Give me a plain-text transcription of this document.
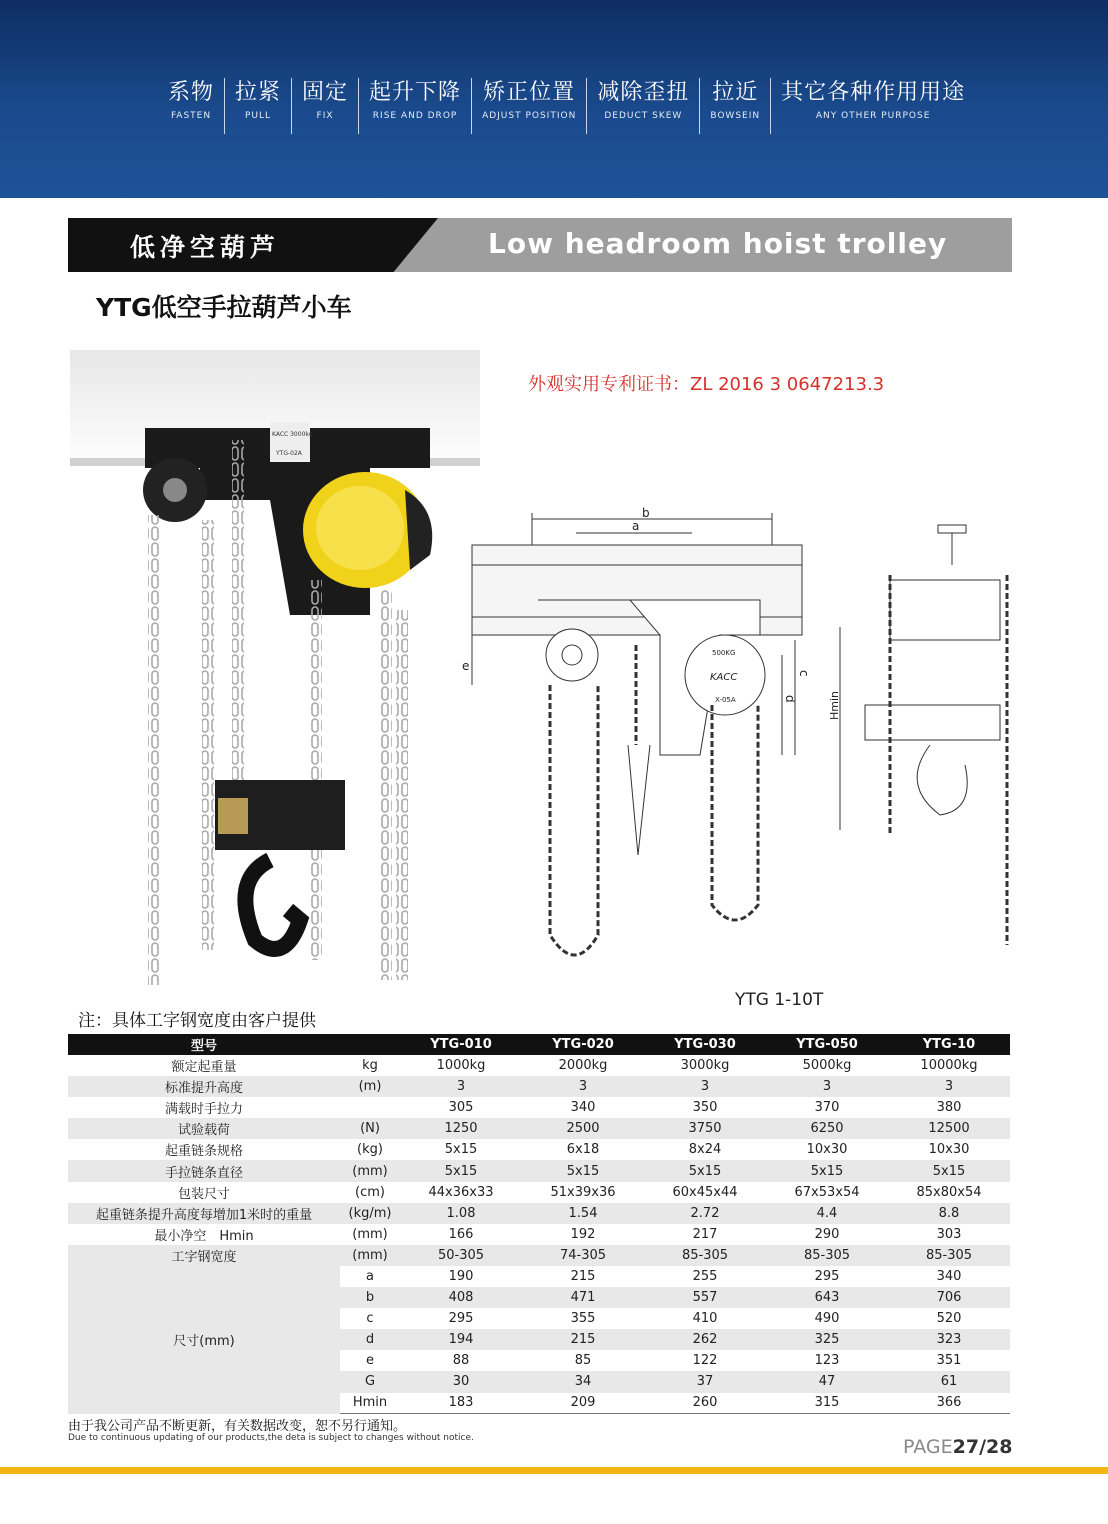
系物
FASTEN
拉紧
PULL
固定
FIX
起升下降
RISE AND DROP
矫正位置
ADJUST POSITION
减除歪扭
DEDUCT SKEW
拉近
BOWSEIN
其它各种作用用途
ANY OTHER PURPOSE
低净空葫芦	Low headroom hoist trolley
YTG低空手拉葫芦小车
外观实用专利证书：ZL 2016 3 0647213.3
KACC 3000kg
YTG-02A
b
a
500KG
KACC
X-05A
e
c
d	Hmin
YTG 1-10T
注：具体工字钢宽度由客户提供
型号		YTG-010	YTG-020	YTG-030	YTG-050	YTG-10
额定起重量	kg	1000kg	2000kg	3000kg	5000kg	10000kg
标准提升高度	(m)	3	3	3	3	3
满载时手拉力		305	340	350	370	380
试验载荷	(N)	1250	2500	3750	6250	12500
起重链条规格	(kg)	5x15	6x18	8x24	10x30	10x30
手拉链条直径	(mm)	5x15	5x15	5x15	5x15	5x15
包装尺寸	(cm)	44x36x33	51x39x36	60x45x44	67x53x54	85x80x54
起重链条提升高度每增加1米时的重量	(kg/m)	1.08	1.54	2.72	4.4	8.8
最小净空　Hmin	(mm)	166	192	217	290	303
工字钢宽度	(mm)	50-305	74-305	85-305	85-305	85-305
尺寸(mm)	a	190	215	255	295	340
	b	408	471	557	643	706
	c	295	355	410	490	520
	d	194	215	262	325	323
	e	88	85	122	123	351
	G	30	34	37	47	61
	Hmin	183	209	260	315	366
由于我公司产品不断更新，有关数据改变，恕不另行通知。
Due to continuous updating of our products,the deta is subject to changes without notice.	PAGE27/28
